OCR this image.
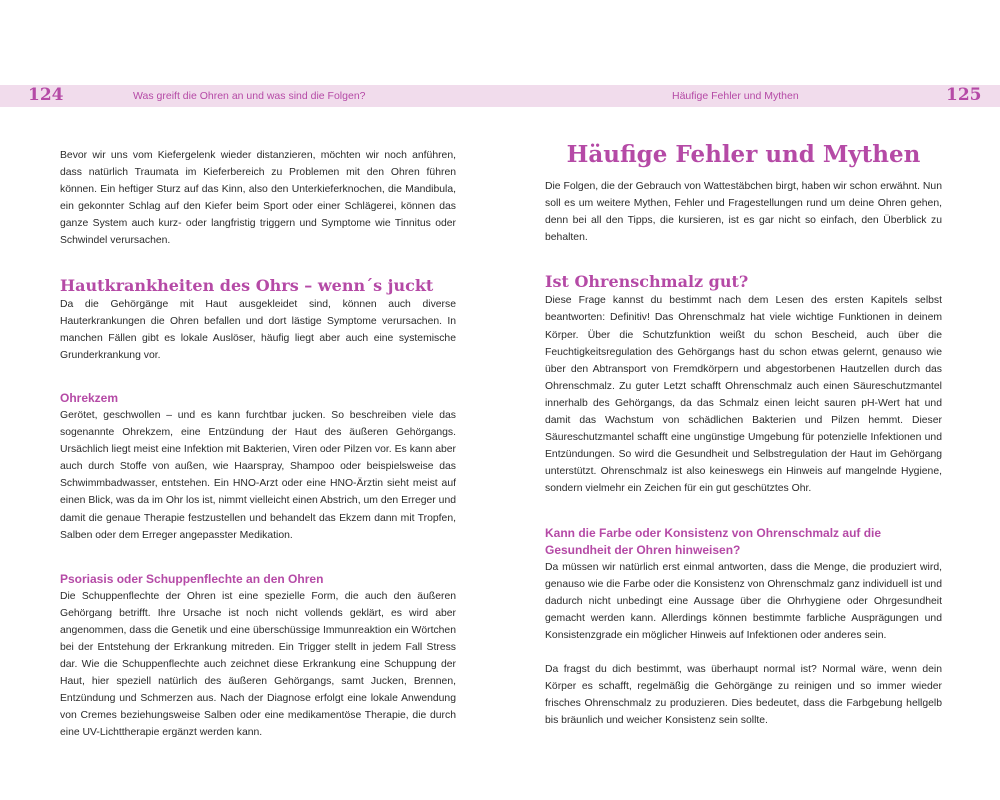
124	Was greift die Ohren an und was sind die Folgen?	Häufige Fehler und Mythen	125

Bevor wir uns vom Kiefergelenk wieder distanzieren, möchten wir noch anführen, dass natürlich Traumata im Kieferbereich zu Problemen mit den Ohren führen können. Ein heftiger Sturz auf das Kinn, also den Unterkieferknochen, die Mandibula, ein gekonnter Schlag auf den Kiefer beim Sport oder einer Schlägerei, können das ganze System auch kurz- oder langfristig triggern und Symptome wie Tinnitus oder Schwindel verursachen.

Hautkrankheiten des Ohrs – wenn´s juckt

Da die Gehörgänge mit Haut ausgekleidet sind, können auch diverse Hauterkrankungen die Ohren befallen und dort lästige Symptome verursachen. In manchen Fällen gibt es lokale Auslöser, häufig liegt aber auch eine systemische Grunderkrankung vor.

Ohrekzem

Gerötet, geschwollen – und es kann furchtbar jucken. So beschreiben viele das sogenannte Ohrekzem, eine Entzündung der Haut des äußeren Gehörgangs. Ursächlich liegt meist eine Infektion mit Bakterien, Viren oder Pilzen vor. Es kann aber auch durch Stoffe von außen, wie Haarspray, Shampoo oder beispielsweise das Schwimmbadwasser, entstehen. Ein HNO-Arzt oder eine HNO-Ärztin sieht meist auf einen Blick, was da im Ohr los ist, nimmt vielleicht einen Abstrich, um den Erreger und damit die genaue Therapie festzustellen und behandelt das Ekzem dann mit Tropfen, Salben oder dem Erreger angepasster Medikation.

Psoriasis oder Schuppenflechte an den Ohren

Die Schuppenflechte der Ohren ist eine spezielle Form, die auch den äußeren Gehörgang betrifft. Ihre Ursache ist noch nicht vollends geklärt, es wird aber angenommen, dass die Genetik und eine überschüssige Immunreaktion ein Wörtchen bei der Entstehung der Erkrankung mitreden. Ein Trigger stellt in jedem Fall Stress dar. Wie die Schuppenflechte auch zeichnet diese Erkrankung eine Schuppung der Haut, hier speziell natürlich des äußeren Gehörgangs, samt Jucken, Brennen, Entzündung und Schmerzen aus. Nach der Diagnose erfolgt eine lokale Anwendung von Cremes beziehungsweise Salben oder eine medikamentöse Therapie, die durch eine UV-Lichttherapie ergänzt werden kann.

Häufige Fehler und Mythen

Die Folgen, die der Gebrauch von Wattestäbchen birgt, haben wir schon erwähnt. Nun soll es um weitere Mythen, Fehler und Fragestellungen rund um deine Ohren gehen, denn bei all den Tipps, die kursieren, ist es gar nicht so einfach, den Überblick zu behalten.

Ist Ohrenschmalz gut?

Diese Frage kannst du bestimmt nach dem Lesen des ersten Kapitels selbst beantworten: Definitiv! Das Ohrenschmalz hat viele wichtige Funktionen in deinem Körper. Über die Schutzfunktion weißt du schon Bescheid, auch über die Feuchtigkeitsregulation des Gehörgangs hast du schon etwas gelernt, genauso wie über den Abtransport von Fremdkörpern und abgestorbenen Hautzellen durch das Ohrenschmalz. Zu guter Letzt schafft Ohrenschmalz auch einen Säureschutzmantel innerhalb des Gehörgangs, da das Schmalz einen leicht sauren pH-Wert hat und damit das Wachstum von schädlichen Bakterien und Pilzen hemmt. Dieser Säureschutzmantel schafft eine ungünstige Umgebung für potenzielle Infektionen und Entzündungen. So wird die Gesundheit und Selbstregulation der Haut im Gehörgang unterstützt. Ohrenschmalz ist also keineswegs ein Hinweis auf mangelnde Hygiene, sondern vielmehr ein Zeichen für ein gut geschütztes Ohr.

Kann die Farbe oder Konsistenz von Ohrenschmalz auf die Gesundheit der Ohren hinweisen?

Da müssen wir natürlich erst einmal antworten, dass die Menge, die produziert wird, genauso wie die Farbe oder die Konsistenz von Ohrenschmalz ganz individuell ist und dadurch nicht unbedingt eine Aussage über die Ohrhygiene oder Ohrgesundheit gemacht werden kann. Allerdings können bestimmte farbliche Ausprägungen und Konsistenzgrade ein möglicher Hinweis auf Infektionen oder anderes sein.

Da fragst du dich bestimmt, was überhaupt normal ist? Normal wäre, wenn dein Körper es schafft, regelmäßig die Gehörgänge zu reinigen und so immer wieder frisches Ohrenschmalz zu produzieren. Dies bedeutet, dass die Farbgebung hellgelb bis bräunlich und weicher Konsistenz sein sollte.
